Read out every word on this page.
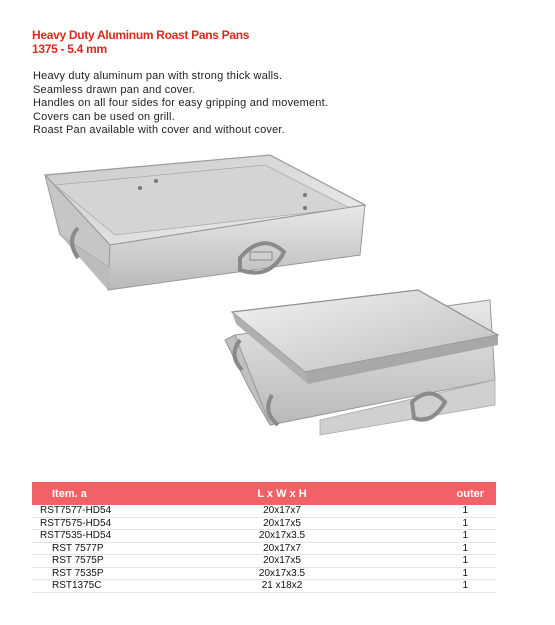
Heavy Duty Aluminum Roast Pans Pans
1375 - 5.4 mm
Heavy duty aluminum pan with strong thick walls.
Seamless drawn pan and cover.
Handles on all four sides for easy gripping and movement.
Covers can be used on grill.
Roast Pan available with cover and without cover.
Item. a	L x W x H	outer
RST7577-HD54	20x17x7	1
RST7575-HD54	20x17x5	1
RST7535-HD54	20x17x3.5	1
RST 7577P	20x17x7	1
RST 7575P	20x17x5	1
RST 7535P	20x17x3.5	1
RST1375C	21 x18x2	1
